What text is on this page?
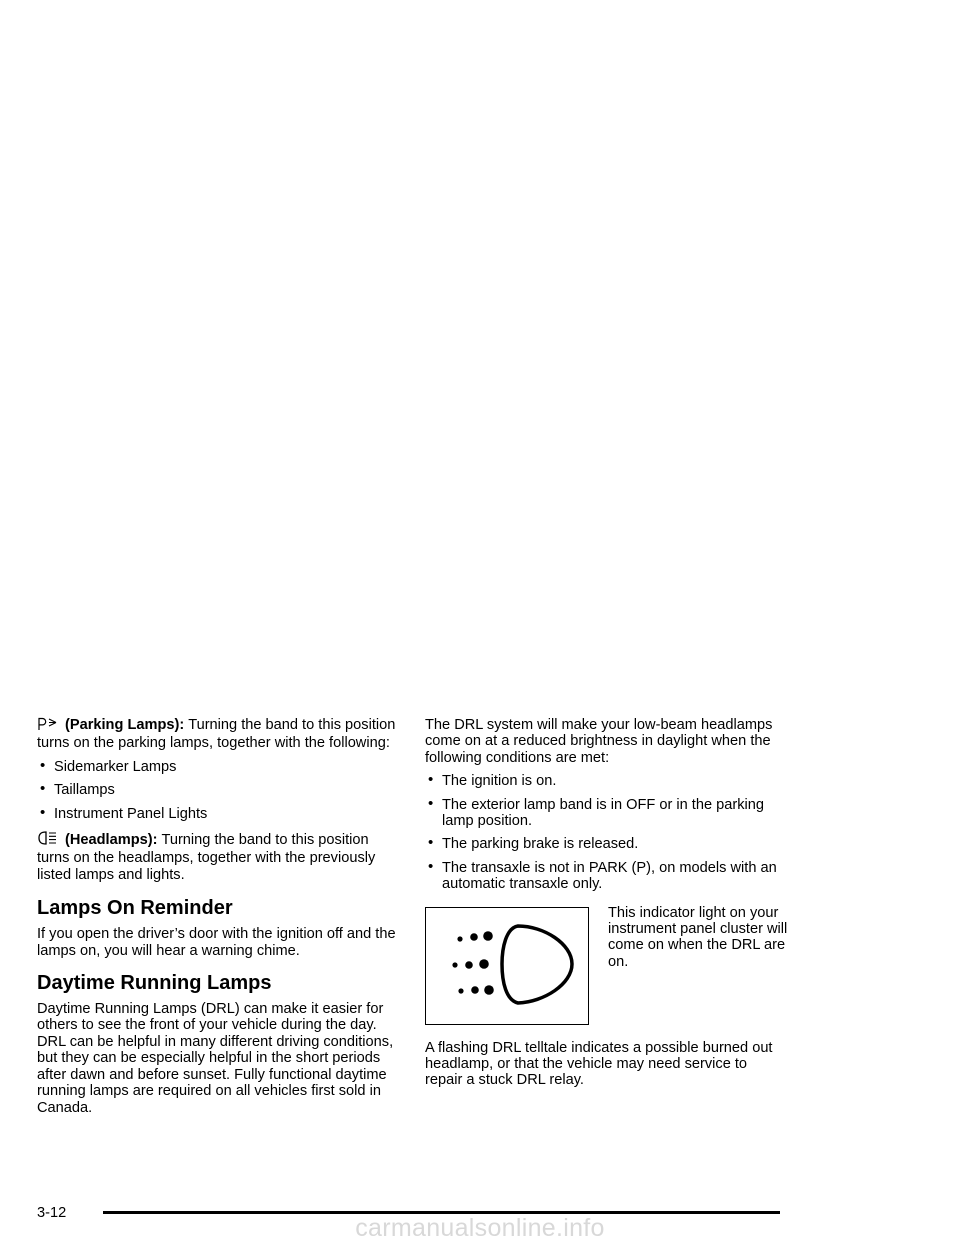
(Parking Lamps): Turning the band to this position turns on the parking lamps, together with the following:

• Sidemarker Lamps
• Taillamps
• Instrument Panel Lights

(Headlamps): Turning the band to this position turns on the headlamps, together with the previously listed lamps and lights.

Lamps On Reminder

If you open the driver’s door with the ignition off and the lamps on, you will hear a warning chime.

Daytime Running Lamps

Daytime Running Lamps (DRL) can make it easier for others to see the front of your vehicle during the day. DRL can be helpful in many different driving conditions, but they can be especially helpful in the short periods after dawn and before sunset. Fully functional daytime running lamps are required on all vehicles first sold in Canada.

The DRL system will make your low-beam headlamps come on at a reduced brightness in daylight when the following conditions are met:

• The ignition is on.
• The exterior lamp band is in OFF or in the parking lamp position.
• The parking brake is released.
• The transaxle is not in PARK (P), on models with an automatic transaxle only.

This indicator light on your instrument panel cluster will come on when the DRL are on.

A flashing DRL telltale indicates a possible burned out headlamp, or that the vehicle may need service to repair a stuck DRL relay.

3-12
carmanualsonline.info
